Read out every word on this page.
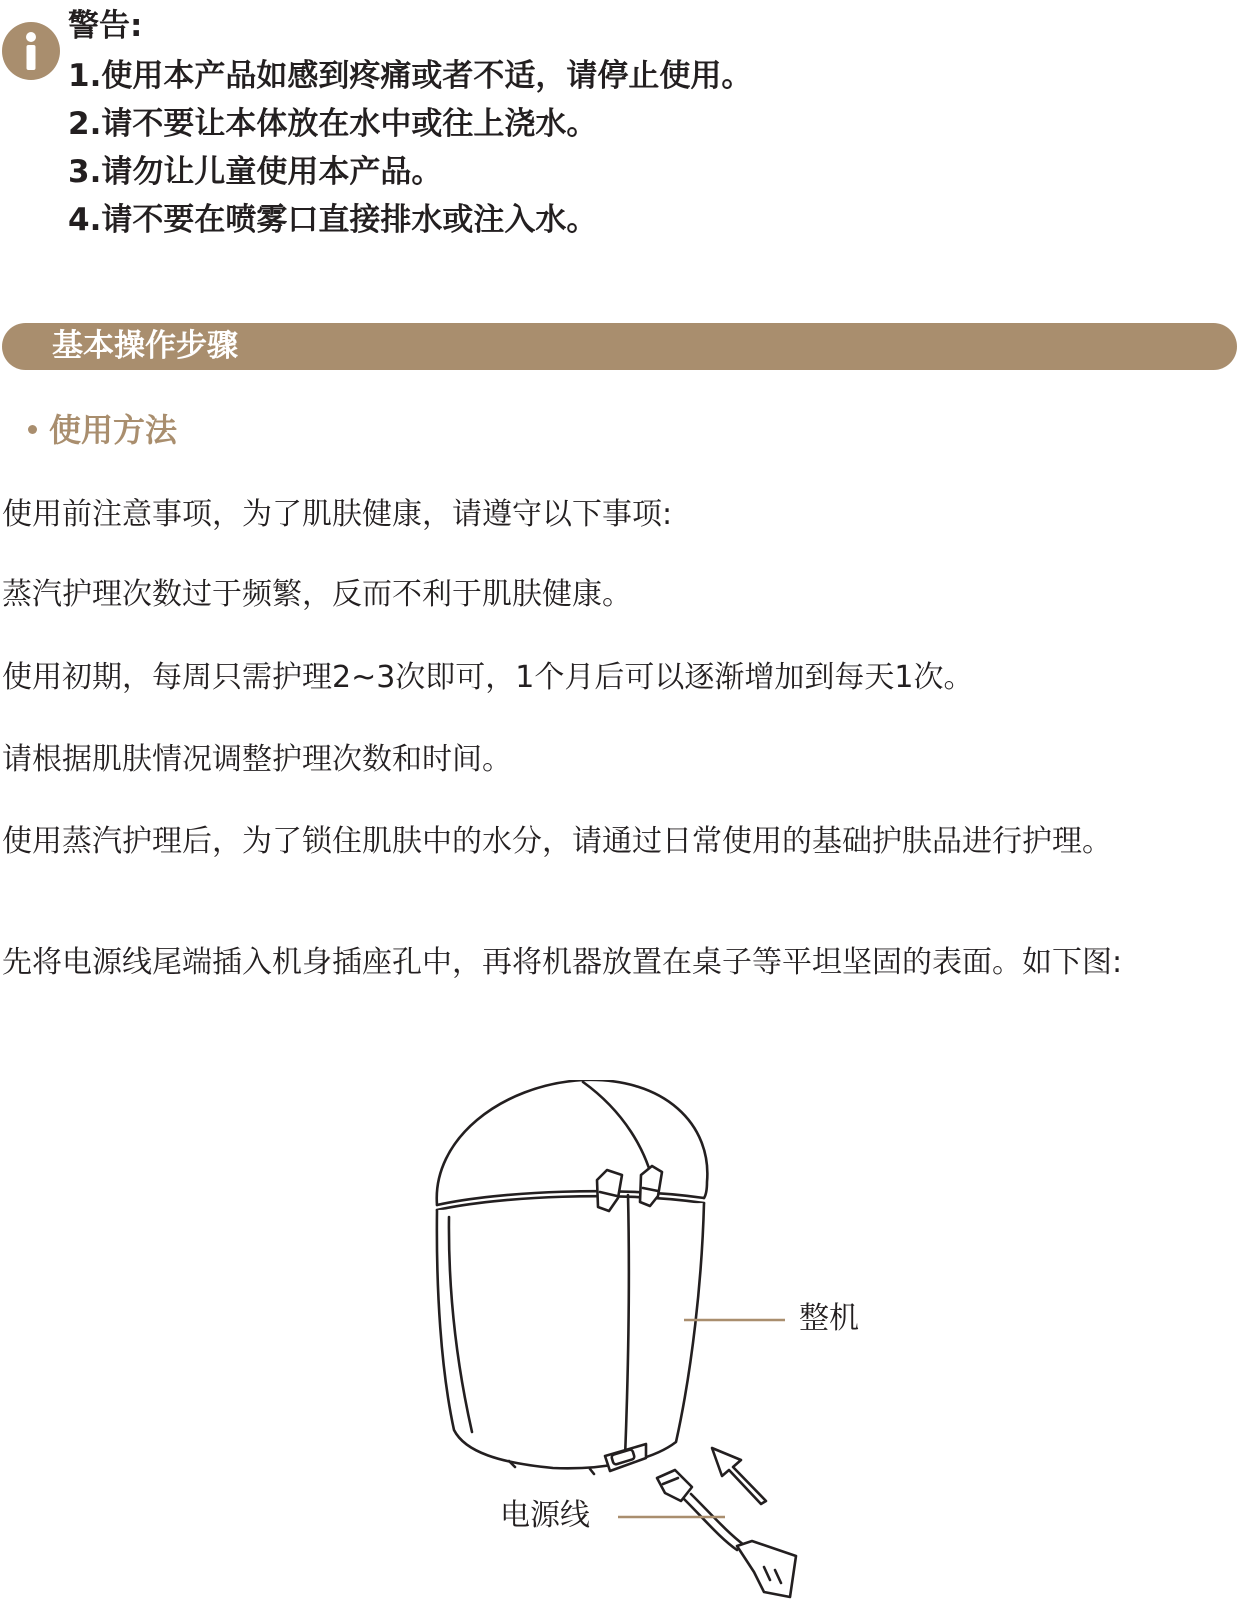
警告:
1.使用本产品如感到疼痛或者不适，请停止使用。
2.请不要让本体放在水中或往上浇水。
3.请勿让儿童使用本产品。
4.请不要在喷雾口直接排水或注入水。
基本操作步骤
使用方法

使用前注意事项，为了肌肤健康，请遵守以下事项:

蒸汽护理次数过于频繁，反而不利于肌肤健康。

使用初期，每周只需护理2~3次即可，1个月后可以逐渐增加到每天1次。

请根据肌肤情况调整护理次数和时间。

使用蒸汽护理后，为了锁住肌肤中的水分，请通过日常使用的基础护肤品进行护理。

先将电源线尾端插入机身插座孔中，再将机器放置在桌子等平坦坚固的表面。如下图:

整机
电源线
